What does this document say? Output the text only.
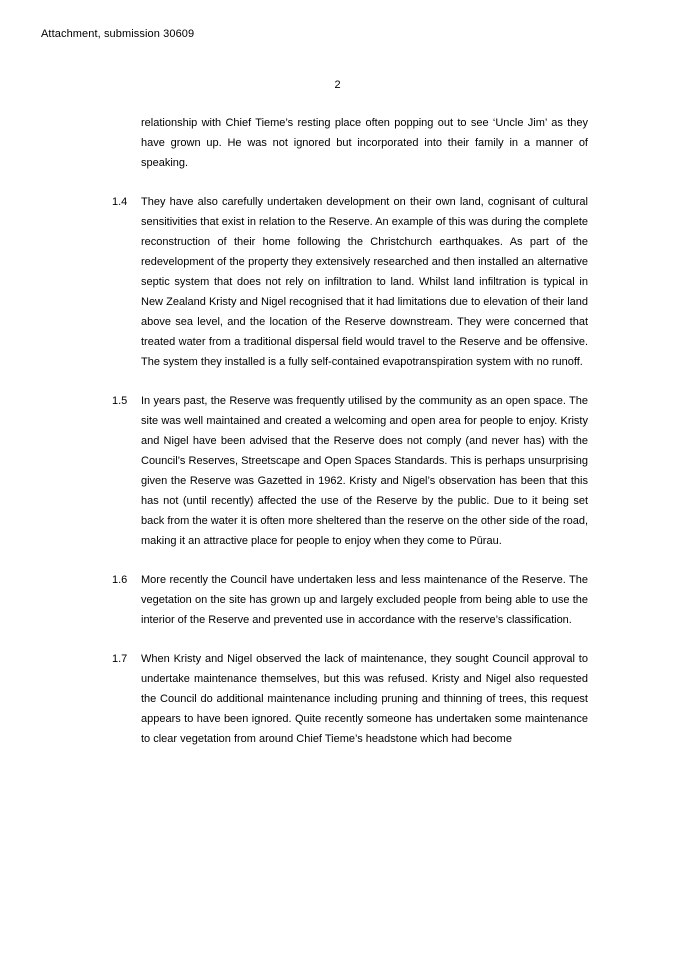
Attachment, submission 30609
2
relationship with Chief Tieme’s resting place often popping out to see ‘Uncle Jim’ as they have grown up. He was not ignored but incorporated into their family in a manner of speaking.
1.4 They have also carefully undertaken development on their own land, cognisant of cultural sensitivities that exist in relation to the Reserve. An example of this was during the complete reconstruction of their home following the Christchurch earthquakes. As part of the redevelopment of the property they extensively researched and then installed an alternative septic system that does not rely on infiltration to land. Whilst land infiltration is typical in New Zealand Kristy and Nigel recognised that it had limitations due to elevation of their land above sea level, and the location of the Reserve downstream. They were concerned that treated water from a traditional dispersal field would travel to the Reserve and be offensive. The system they installed is a fully self-contained evapotranspiration system with no runoff.
1.5 In years past, the Reserve was frequently utilised by the community as an open space. The site was well maintained and created a welcoming and open area for people to enjoy. Kristy and Nigel have been advised that the Reserve does not comply (and never has) with the Council’s Reserves, Streetscape and Open Spaces Standards. This is perhaps unsurprising given the Reserve was Gazetted in 1962. Kristy and Nigel’s observation has been that this has not (until recently) affected the use of the Reserve by the public. Due to it being set back from the water it is often more sheltered than the reserve on the other side of the road, making it an attractive place for people to enjoy when they come to Pūrau.
1.6 More recently the Council have undertaken less and less maintenance of the Reserve. The vegetation on the site has grown up and largely excluded people from being able to use the interior of the Reserve and prevented use in accordance with the reserve’s classification.
1.7 When Kristy and Nigel observed the lack of maintenance, they sought Council approval to undertake maintenance themselves, but this was refused. Kristy and Nigel also requested the Council do additional maintenance including pruning and thinning of trees, this request appears to have been ignored. Quite recently someone has undertaken some maintenance to clear vegetation from around Chief Tieme’s headstone which had become
